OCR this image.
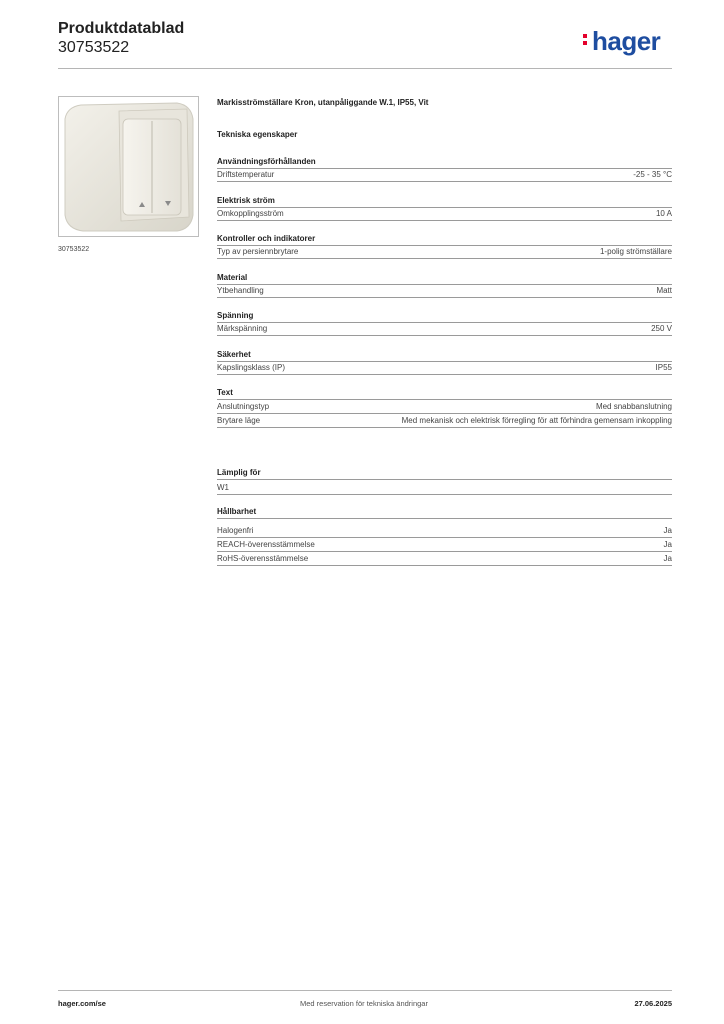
Produktdatablad
30753522	hager
30753522
Markisströmställare Kron, utanpåliggande W.1, IP55, Vit
Tekniska egenskaper
Användningsförhållanden
Driftstemperatur	-25 - 35 °C
Elektrisk ström
Omkopplingsström	10 A
Kontroller och indikatorer
Typ av persiennbrytare	1-polig strömställare
Material
Ytbehandling	Matt
Spänning
Märkspänning	250 V
Säkerhet
Kapslingsklass (IP)	IP55
Text
Anslutningstyp	Med snabbanslutning
Brytare läge	Med mekanisk och elektrisk förregling för att förhindra gemensam inkoppling
Lämplig för
W1
Hållbarhet
Halogenfri	Ja
REACH-överensstämmelse	Ja
RoHS-överensstämmelse	Ja
hager.com/se	Med reservation för tekniska ändringar	27.06.2025
